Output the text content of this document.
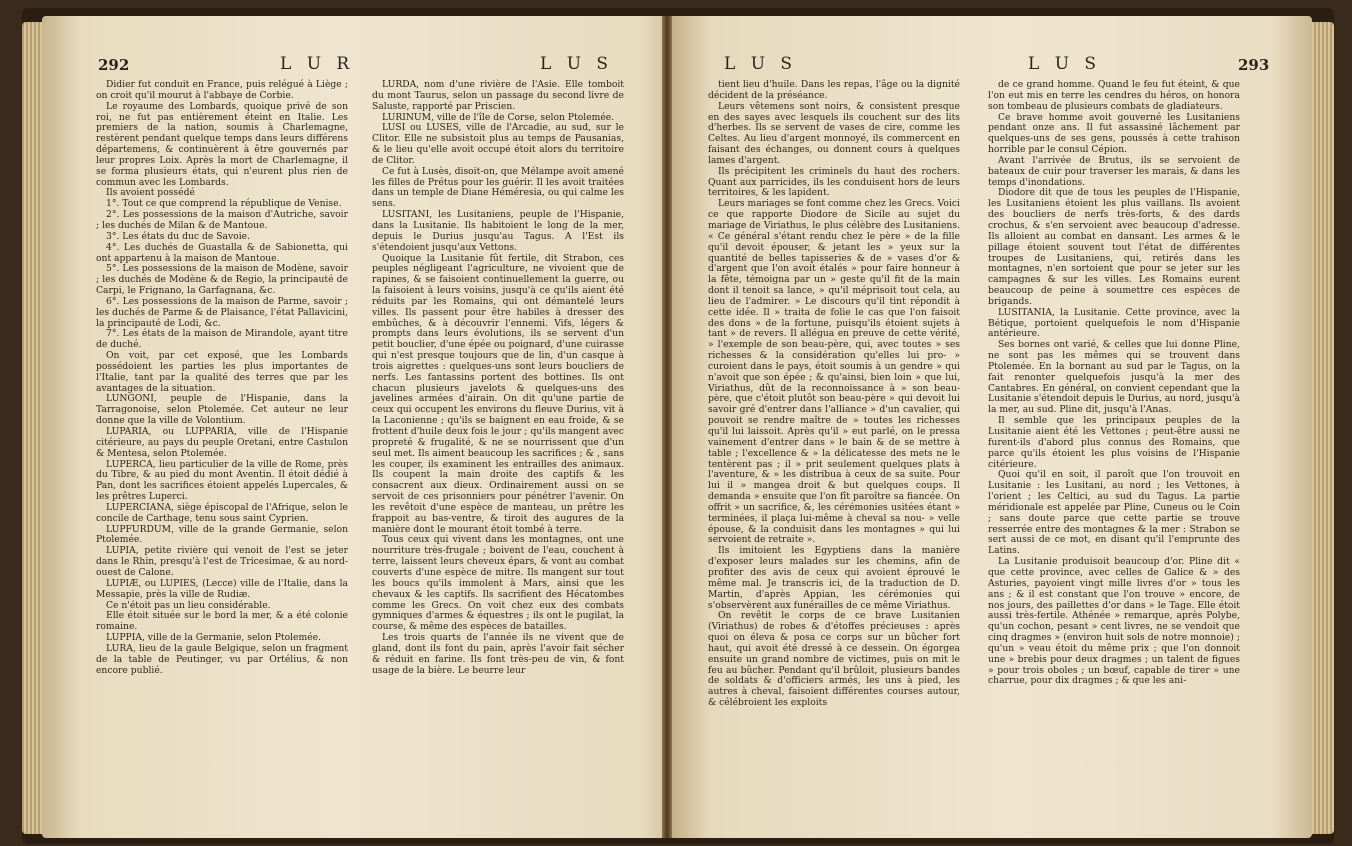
292	L U R	L U S

Didier fut conduit en France, puis relégué à Liège ; on croit qu'il mourut à l'abbaye de Corbie.

Le royaume des Lombards, quoique privé de son roi, ne fut pas entièrement éteint en Italie. Les premiers de la nation, soumis à Charlemagne, restèrent pendant quelque temps dans leurs différens départemens, & continuèrent à être gouvernés par leur propres Loix. Après la mort de Charlemagne, il se forma plusieurs états, qui n'eurent plus rien de commun avec les Lombards.

Ils avoient possédé

1°. Tout ce que comprend la république de Venise.

2°. Les possessions de la maison d'Autriche, savoir ; les duchés de Milan & de Mantoue.

3°. Les états du duc de Savoie.

4°. Les duchés de Guastalla & de Sabionetta, qui ont appartenu à la maison de Mantoue.

5°. Les possessions de la maison de Modène, savoir ; les duchés de Modène & de Regio, la principauté de Carpi, le Frignano, la Garfagnana, &c.

6°. Les possessions de la maison de Parme, savoir ; les duchés de Parme & de Plaisance, l'état Pallavicini, la principauté de Lodi, &c.

7°. Les états de la maison de Mirandole, ayant titre de duché.

On voit, par cet exposé, que les Lombards possédoient les parties les plus importantes de l'Italie, tant par la qualité des terres que par les avantages de la situation.

LUNGONI, peuple de l'Hispanie, dans la Tarragonoise, selon Ptolemée. Cet auteur ne leur donne que la ville de Volontium.

LUPARIA, ou LUPPARIA, ville de l'Hispanie citérieure, au pays du peuple Oretani, entre Castulon & Mentesa, selon Ptolemée.

LUPERCA, lieu particulier de la ville de Rome, près du Tibre, & au pied du mont Aventin. Il étoit dédié à Pan, dont les sacrifices étoient appelés Lupercales, & les prêtres Luperci.

LUPERCIANA, siège épiscopal de l'Afrique, selon le concile de Carthage, tenu sous saint Cyprien.

LUPFURDUM, ville de la grande Germanie, selon Ptolemée.

LUPIA, petite rivière qui venoit de l'est se jeter dans le Rhin, presqu'à l'est de Tricesimae, & au nord-ouest de Calone.

LUPIÆ, ou LUPIES, (Lecce) ville de l'Italie, dans la Messapie, près la ville de Rudiæ.

Ce n'étoit pas un lieu considérable.

Elle étoit située sur le bord la mer, & a été colonie romaine.

LUPPIA, ville de la Germanie, selon Ptolemée.

LURA, lieu de la gaule Belgique, selon un fragment de la table de Peutinger, vu par Ortélius, & non encore publié.

LURDA, nom d'une rivière de l'Asie. Elle tomboit du mont Taurus, selon un passage du second livre de Saluste, rapporté par Priscien.

LURINUM, ville de l'île de Corse, selon Ptolemée.

LUSI ou LUSES, ville de l'Arcadie, au sud, sur le Clitor. Elle ne subsistoit plus au temps de Pausanias, & le lieu qu'elle avoit occupé étoit alors du territoire de Clitor.

Ce fut à Lusès, disoit-on, que Mélampe avoit amené les filles de Prétus pour les guérir. Il les avoit traitées dans un temple de Diane Héméresia, ou qui calme les sens.

LUSITANI, les Lusitaniens, peuple de l'Hispanie, dans la Lusitanie. Ils habitoient le long de la mer, depuis le Durius jusqu'au Tagus. A l'Est ils s'étendoient jusqu'aux Vettons.

Quoique la Lusitanie fût fertile, dit Strabon, ces peuples négligeant l'agriculture, ne vivoient que de rapines, & se faisoient continuellement la guerre, ou la faisoient à leurs voisins, jusqu'à ce qu'ils aient été réduits par les Romains, qui ont démantelé leurs villes. Ils passent pour être habiles à dresser des embûches, & à découvrir l'ennemi. Vifs, légers & prompts dans leurs évolutions, ils se servent d'un petit bouclier, d'une épée ou poignard, d'une cuirasse qui n'est presque toujours que de lin, d'un casque à trois aigrettes : quelques-uns sont leurs boucliers de nerfs. Les fantassins portent des bottines. Ils ont chacun plusieurs javelots & quelques-uns des javelines armées d'airain. On dit qu'une partie de ceux qui occupent les environs du fleuve Durius, vit à la Laconienne ; qu'ils se baignent en eau froide, & se frottent d'huile deux fois le jour ; qu'ils mangent avec propreté & frugalité, & ne se nourrissent que d'un seul met. Ils aiment beaucoup les sacrifices ; & , sans les couper, ils examinent les entrailles des animaux. Ils coupent la main droite des captifs & les consacrent aux dieux. Ordinairement aussi on se servoit de ces prisonniers pour pénétrer l'avenir. On les revêtoit d'une espèce de manteau, un prêtre les frappoit au bas-ventre, & tiroit des augures de la manière dont le mourant étoit tombé à terre.

Tous ceux qui vivent dans les montagnes, ont une nourriture très-frugale ; boivent de l'eau, couchent à terre, laissent leurs cheveux épars, & vont au combat couverts d'une espèce de mitre. Ils mangent sur tout les boucs qu'ils immolent à Mars, ainsi que les chevaux & les captifs. Ils sacrifient des Hécatombes comme les Grecs. On voit chez eux des combats gymniques d'armes & équestres ; ils ont le pugilat, la course, & même des espèces de batailles.

Les trois quarts de l'année ils ne vivent que de gland, dont ils font du pain, après l'avoir fait sécher & réduit en farine. Ils font très-peu de vin, & font usage de la bière. Le beurre leur

L U S	L U S	293

tient lieu d'huile. Dans les repas, l'âge ou la dignité décident de la préséance.

Leurs vêtemens sont noirs, & consistent presque en des sayes avec lesquels ils couchent sur des lits d'herbes. Ils se servent de vases de cire, comme les Celtes. Au lieu d'argent monnoyé, ils commercent en faisant des échanges, ou donnent cours à quelques lames d'argent.

Ils précipitent les criminels du haut des rochers. Quant aux parricides, ils les conduisent hors de leurs territoires, & les lapident.

Leurs mariages se font comme chez les Grecs. Voici ce que rapporte Diodore de Sicile au sujet du mariage de Viriathus, le plus célèbre des Lusitaniens. « Ce général s'étant rendu chez le père » de la fille qu'il devoit épouser, & jetant les » yeux sur la quantité de belles tapisseries & de » vases d'or & d'argent que l'on avoit étalés » pour faire honneur à la fête, témoigna par un » geste qu'il fit de la main dont il tenoit sa lance, » qu'il méprisoit tout cela, au lieu de l'admirer. » Le discours qu'il tint répondit à cette idée. Il » traita de folie le cas que l'on faisoit des dons » de la fortune, puisqu'ils étoient sujets à tant » de revers. Il allégua en preuve de cette vérité, » l'exemple de son beau-père, qui, avec toutes » ses richesses & la considération qu'elles lui pro- » curoient dans le pays, étoit soumis à un gendre » qui n'avoit que son épée ; & qu'ainsi, bien loin » que lui, Viriathus, dût de la reconnoissance à » son beau-père, que c'étoit plutôt son beau-père » qui devoit lui savoir gré d'entrer dans l'alliance » d'un cavalier, qui pouvoit se rendre maître de » toutes les richesses qu'il lui laissoit. Après qu'il » eut parlé, on le pressa vainement d'entrer dans » le bain & de se mettre à table ; l'excellence & » la délicatesse des mets ne le tentèrent pas ; il » prit seulement quelques plats à l'aventure, & » les distribua à ceux de sa suite. Pour lui il » mangea droit & but quelques coups. Il demanda » ensuite que l'on fît paroître sa fiancée. On offrit » un sacrifice, &, les cérémonies usitées étant » terminées, il plaça lui-même à cheval sa nou- » velle épouse, & la conduisit dans les montagnes » qui lui servoient de retraite ».

Ils imitoient les Egyptiens dans la manière d'exposer leurs malades sur les chemins, afin de profiter des avis de ceux qui avoient éprouvé le même mal. Je transcris ici, de la traduction de D. Martin, d'après Appian, les cérémonies qui s'observèrent aux funérailles de ce même Viriathus.

On revêtit le corps de ce brave Lusitanien (Viriathus) de robes & d'étoffes précieuses : après quoi on éleva & posa ce corps sur un bûcher fort haut, qui avoit été dressé à ce dessein. On égorgea ensuite un grand nombre de victimes, puis on mit le feu au bûcher. Pendant qu'il brûloit, plusieurs bandes de soldats & d'officiers armés, les uns à pied, les autres à cheval, faisoient différentes courses autour, & célébroient les exploits

de ce grand homme. Quand le feu fut éteint, & que l'on eut mis en terre les cendres du héros, on honora son tombeau de plusieurs combats de gladiateurs.

Ce brave homme avoit gouverné les Lusitaniens pendant onze ans. Il fut assassiné lâchement par quelques-uns de ses gens, poussés à cette trahison horrible par le consul Cépion.

Avant l'arrivée de Brutus, ils se servoient de bateaux de cuir pour traverser les marais, & dans les temps d'inondations.

Diodore dit que de tous les peuples de l'Hispanie, les Lusitaniens étoient les plus vaillans. Ils avoient des boucliers de nerfs très-forts, & des dards crochus, & s'en servoient avec beaucoup d'adresse. Ils alloient au combat en dansant. Les armes & le pillage étoient souvent tout l'état de différentes troupes de Lusitaniens, qui, retirés dans les montagnes, n'en sortoient que pour se jeter sur les campagnes & sur les villes. Les Romains eurent beaucoup de peine à soumettre ces espèces de brigands.

LUSITANIA, la Lusitanie. Cette province, avec la Bétique, portoient quelquefois le nom d'Hispanie antérieure.

Ses bornes ont varié, & celles que lui donne Pline, ne sont pas les mêmes qui se trouvent dans Ptolemée. En la bornant au sud par le Tagus, on la fait renonter quelquefois jusqu'à la mer des Cantabres. En général, on convient cependant que la Lusitanie s'étendoit depuis le Durius, au nord, jusqu'à la mer, au sud. Pline dit, jusqu'à l'Anas.

Il semble que les principaux peuples de la Lusitanie aient été les Vettones ; peut-être aussi ne furent-ils d'abord plus connus des Romains, que parce qu'ils étoient les plus voisins de l'Hispanie citérieure.

Quoi qu'il en soit, il paroît que l'on trouvoit en Lusitanie : les Lusitani, au nord ; les Vettones, à l'orient ; les Celtici, au sud du Tagus. La partie méridionale est appelée par Pline, Cuneus ou le Coin ; sans doute parce que cette partie se trouve resserrée entre des montagnes & la mer : Strabon se sert aussi de ce mot, en disant qu'il l'emprunte des Latins.

La Lusitanie produisoit beaucoup d'or. Pline dit « que cette province, avec celles de Galice & » des Asturies, payoient vingt mille livres d'or » tous les ans ; & il est constant que l'on trouve » encore, de nos jours, des paillettes d'or dans » le Tage. Elle étoit aussi très-fertile. Athénée » remarque, après Polybe, qu'un cochon, pesant » cent livres, ne se vendoit que cinq dragmes » (environ huit sols de notre monnoie) ; qu'un » veau étoit du même prix ; que l'on donnoit une » brebis pour deux dragmes ; un talent de figues » pour trois oboles ; un bœuf, capable de tirer » une charrue, pour dix dragmes ; & que les ani-
